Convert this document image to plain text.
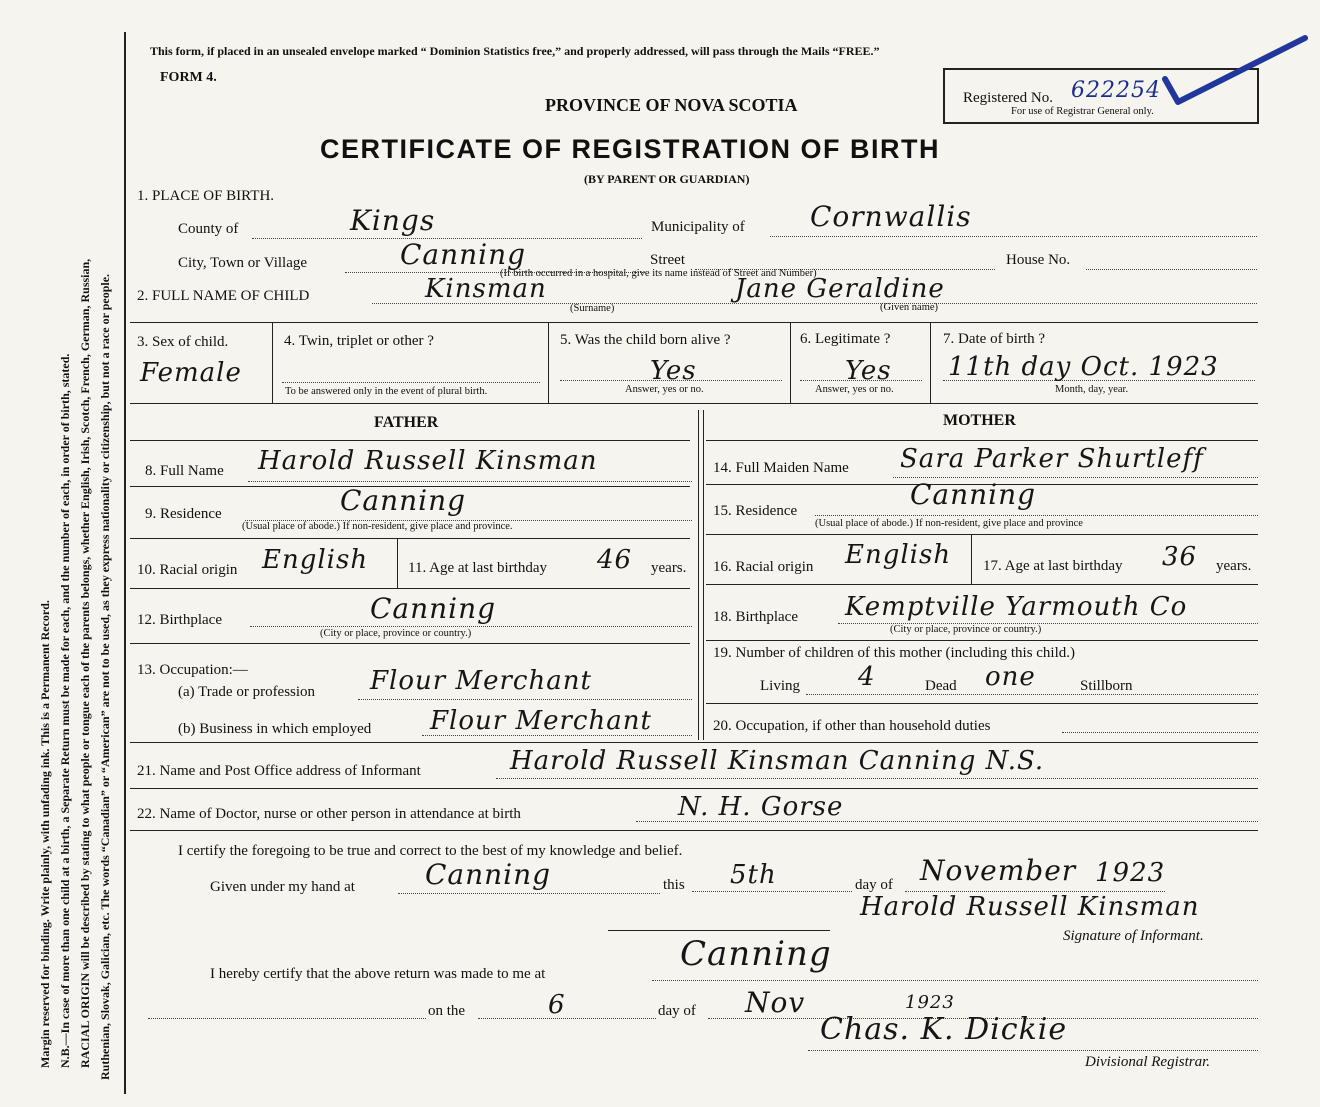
Margin reserved for binding. Write plainly, with unfading ink. This is a Permanent Record. N.B.—In case of more than one child at a birth, a Separate Return must be made for each, and the number of each, in order of birth, stated. RACIAL ORIGIN will be described by stating to what people or tongue each of the parents belongs, whether English, Irish, Scotch, French, German, Russian, Ruthenian, Slovak, Galician, etc. The words “Canadian” or “American” are not to be used, as they express nationality or citizenship, but not a race or people.
This form, if placed in an unsealed envelope marked “ Dominion Statistics free,” and properly addressed, will pass through the Mails “FREE.”
FORM 4.
PROVINCE OF NOVA SCOTIA
CERTIFICATE OF REGISTRATION OF BIRTH
(BY PARENT OR GUARDIAN)
Registered No. 622254
For use of Registrar General only.
1. PLACE OF BIRTH.
County of	Kings	Municipality of Cornwallis
City, Town or Village	Canning	Street	House No.
(If birth occurred in a hospital, give its name instead of Street and Number)
2. FULL NAME OF CHILD	Kinsman	Jane Geraldine
(Surname)	(Given name)
3. Sex of child.
Female
4. Twin, triplet or other ?
To be answered only in the event of plural birth.
5. Was the child born alive ?
Yes
Answer, yes or no.
6. Legitimate ?
Yes
Answer, yes or no.
7. Date of birth ?
11th day Oct. 1923
Month, day, year.
FATHER	MOTHER
8. Full Name Harold Russell Kinsman
9. Residence	Canning
(Usual place of abode.) If non-resident, give place and province.
10. Racial origin English	11. Age at last birthday 46 years.
12. Birthplace	Canning
(City or place, province or country.)
13. Occupation:—
(a) Trade or profession Flour Merchant
(b) Business in which employed Flour Merchant
14. Full Maiden Name Sara Parker Shurtleff
15. Residence	Canning
(Usual place of abode.) If non-resident, give place and province
16. Racial origin English 17. Age at last birthday 36 years.
18. Birthplace Kemptville Yarmouth Co
(City or place, province or country.)
19. Number of children of this mother (including this child.)
Living 4	Dead one	Stillborn
20. Occupation, if other than household duties
21. Name and Post Office address of Informant	Harold Russell Kinsman Canning N.S.
22. Name of Doctor, nurse or other person in attendance at birth	N. H. Gorse
I certify the foregoing to be true and correct to the best of my knowledge and belief.
Given under my hand at	Canning	this 5th	day of November 1923
Harold Russell Kinsman
Signature of Informant.
I hereby certify that the above return was made to me at	Canning
on the	6	day of Nov	1923
Chas. K. Dickie
Divisional Registrar.
